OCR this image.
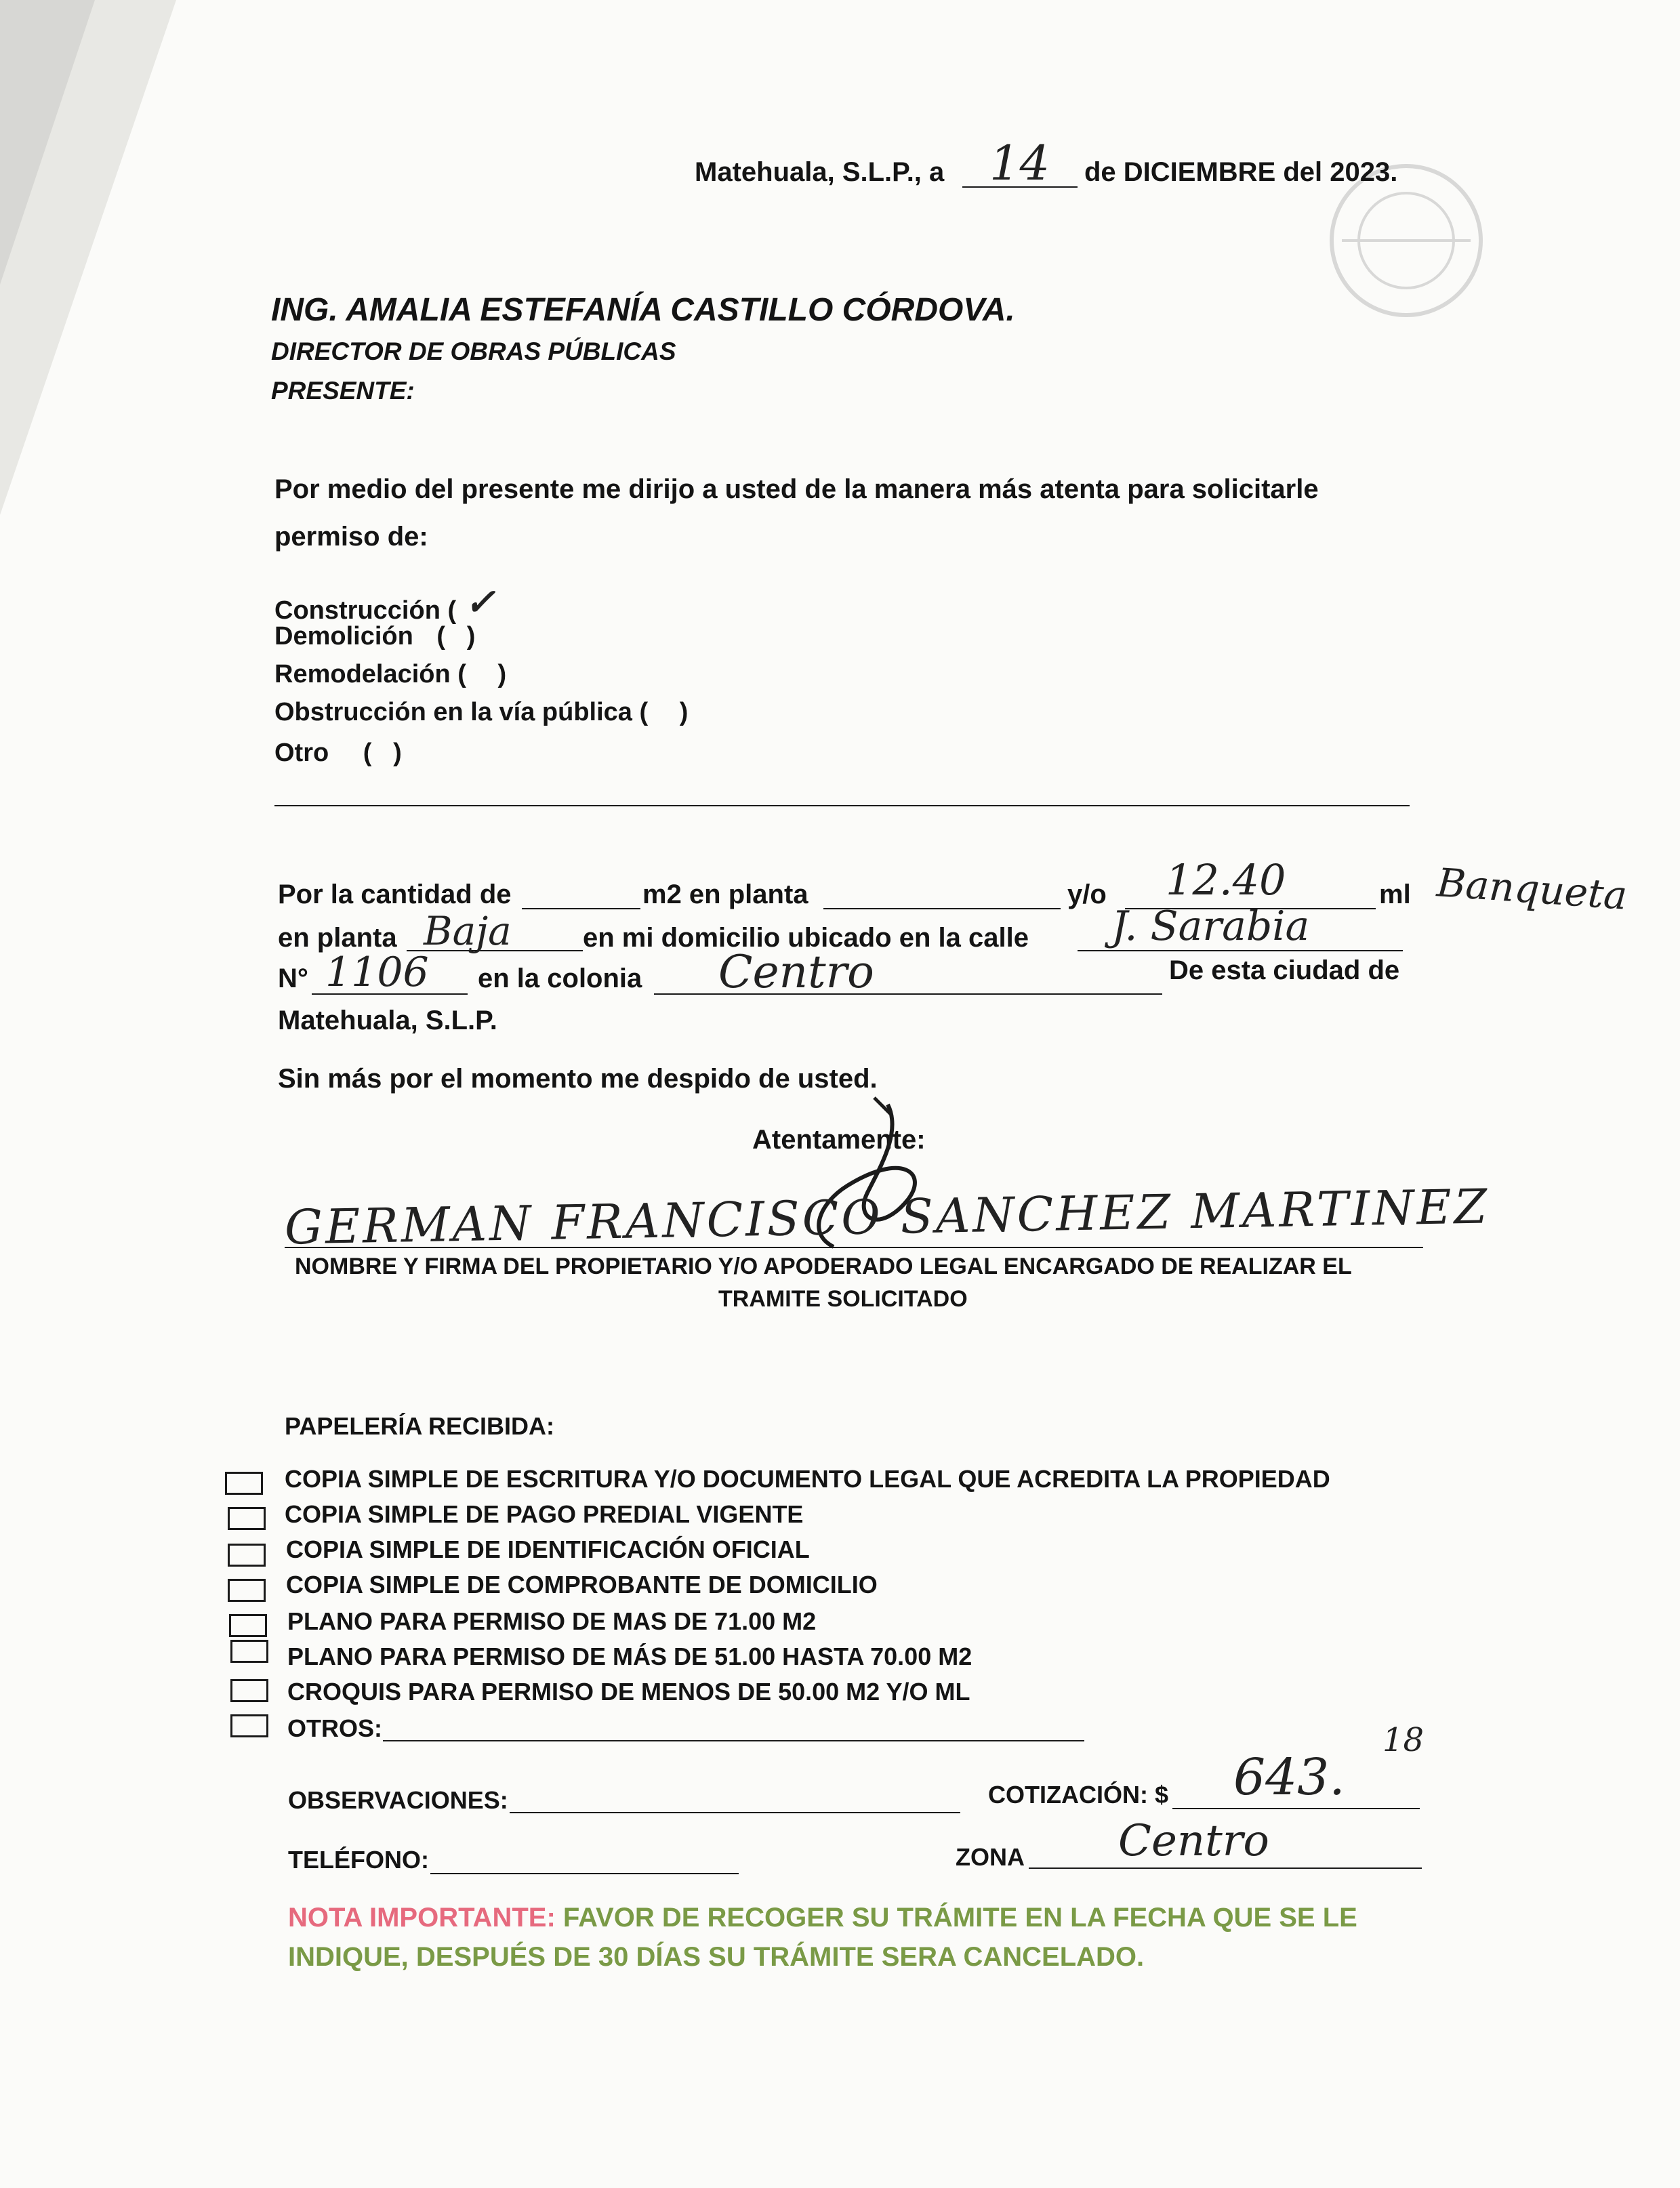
Matehuala, S.L.P., a 14 de DICIEMBRE del 2023.
ING. AMALIA ESTEFANÍA CASTILLO CÓRDOVA.
DIRECTOR DE OBRAS PÚBLICAS
PRESENTE:
Por medio del presente me dirijo a usted de la manera más atenta para solicitarle
permiso de:
Construcción ( ✓
Demolición (   )
Remodelación ( )
Obstrucción en la vía pública ( )
Otro (   )
Por la cantidad de	m2 en planta	y/o 12.40	ml Banqueta
en planta Baja	en mi domicilio ubicado en la calle J. Sarabia
N° 1106 en la colonia Centro	De esta ciudad de
Matehuala, S.L.P.
Sin más por el momento me despido de usted.
Atentamente:
GERMAN FRANCISCO SANCHEZ MARTINEZ
NOMBRE Y FIRMA DEL PROPIETARIO Y/O APODERADO LEGAL ENCARGADO DE REALIZAR EL
TRAMITE SOLICITADO
PAPELERÍA RECIBIDA:
COPIA SIMPLE DE ESCRITURA Y/O DOCUMENTO LEGAL QUE ACREDITA LA PROPIEDAD
COPIA SIMPLE DE PAGO PREDIAL VIGENTE
COPIA SIMPLE DE IDENTIFICACIÓN OFICIAL
COPIA SIMPLE DE COMPROBANTE DE DOMICILIO
PLANO PARA PERMISO DE MAS DE 71.00 M2
PLANO PARA PERMISO DE MÁS DE 51.00 HASTA 70.00 M2
CROQUIS PARA PERMISO DE MENOS DE 50.00 M2 Y/O ML
OTROS:
OBSERVACIONES:	COTIZACIÓN: $ 643.
18
TELÉFONO:	ZONA Centro
NOTA IMPORTANTE: FAVOR DE RECOGER SU TRÁMITE EN LA FECHA QUE SE LE
INDIQUE, DESPUÉS DE 30 DÍAS SU TRÁMITE SERA CANCELADO.
